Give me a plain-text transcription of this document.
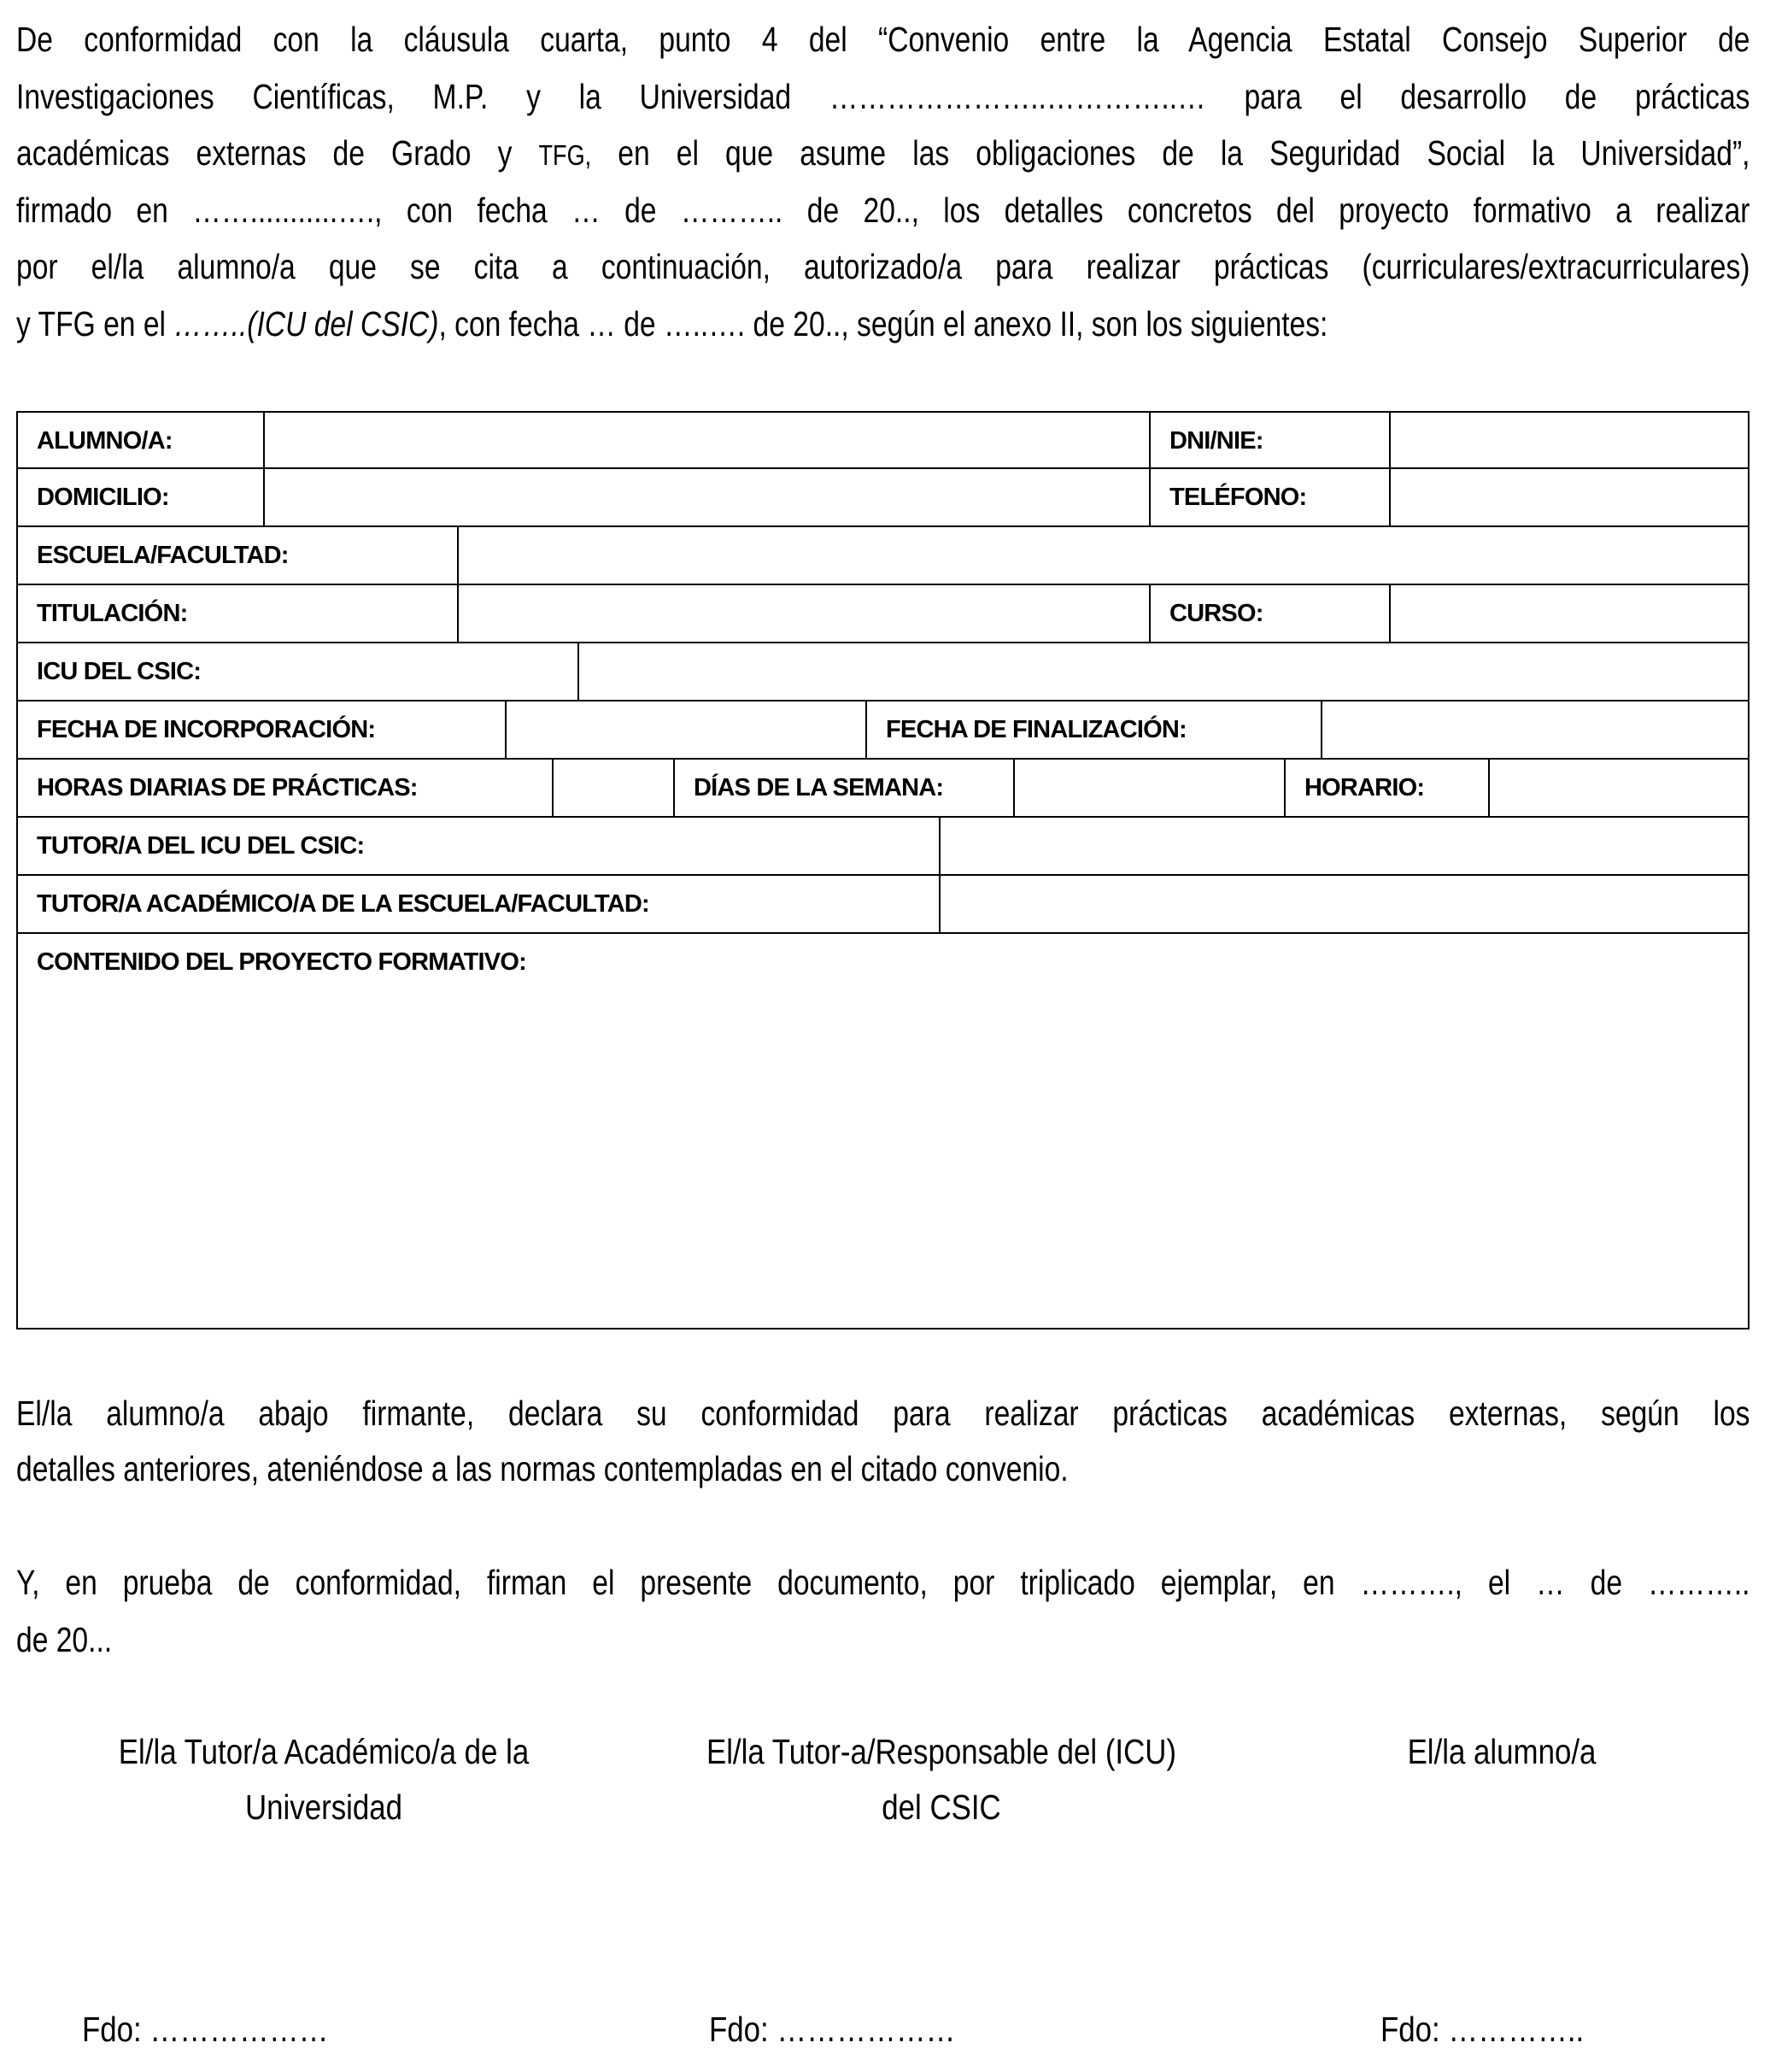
De conformidad con la cláusula cuarta, punto 4 del “Convenio entre la Agencia Estatal Consejo Superior de
Investigaciones Científicas, M.P. y la Universidad …………………..…………..… para el desarrollo de prácticas
académicas externas de Grado y TFG, en el que asume las obligaciones de la Seguridad Social la Universidad”,
firmado en ……...........…., con fecha … de ……….. de 20.., los detalles concretos del proyecto formativo a realizar
por el/la alumno/a que se cita a continuación, autorizado/a para realizar prácticas (curriculares/extracurriculares)
y TFG en el ……..(ICU del CSIC), con fecha … de …..…. de 20.., según el anexo II, son los siguientes:
ALUMNO/A:	DNI/NIE:
DOMICILIO:	TELÉFONO:
ESCUELA/FACULTAD:
TITULACIÓN:	CURSO:
ICU DEL CSIC:
FECHA DE INCORPORACIÓN:	FECHA DE FINALIZACIÓN:
HORAS DIARIAS DE PRÁCTICAS:	DÍAS DE LA SEMANA:	HORARIO:
TUTOR/A DEL ICU DEL CSIC:
TUTOR/A ACADÉMICO/A DE LA ESCUELA/FACULTAD:
CONTENIDO DEL PROYECTO FORMATIVO:
El/la alumno/a abajo firmante, declara su conformidad para realizar prácticas académicas externas, según los
detalles anteriores, ateniéndose a las normas contempladas en el citado convenio.
Y, en prueba de conformidad, firman el presente documento, por triplicado ejemplar, en ………., el … de ………..
de 20...
El/la Tutor/a Académico/a de la
Universidad
El/la Tutor-a/Responsable del (ICU)
del CSIC
El/la alumno/a
Fdo: ………………	Fdo: ………………	Fdo: …………..
